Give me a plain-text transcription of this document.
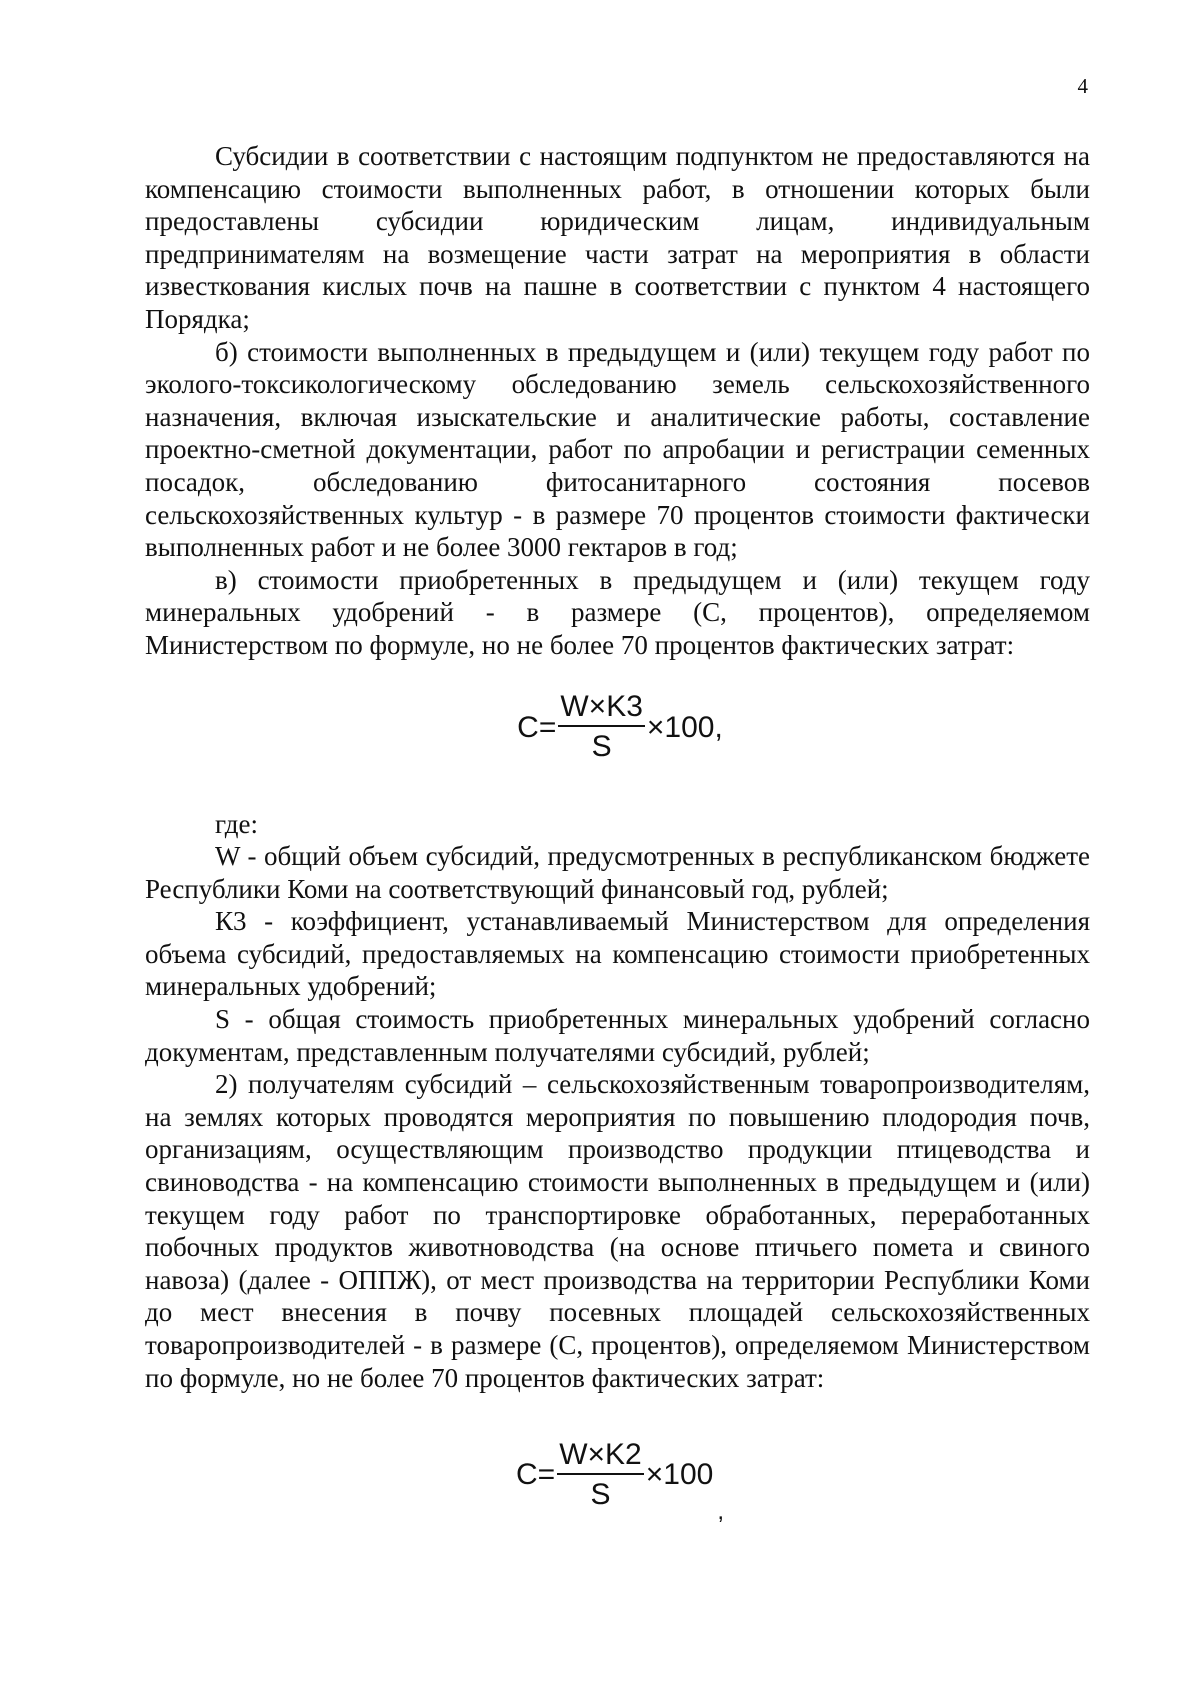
4

Субсидии в соответствии с настоящим подпунктом не предоставляются на компенсацию стоимости выполненных работ, в отношении которых были предоставлены субсидии юридическим лицам, индивидуальным предпринимателям на возмещение части затрат на мероприятия в области известкования кислых почв на пашне в соответствии с пунктом 4 настоящего Порядка;

б) стоимости выполненных в предыдущем и (или) текущем году работ по эколого-токсикологическому обследованию земель сельскохозяйственного назначения, включая изыскательские и аналитические работы, составление проектно-сметной документации, работ по апробации и регистрации семенных посадок, обследованию фитосанитарного состояния посевов сельскохозяйственных культур - в размере 70 процентов стоимости фактически выполненных работ и не более 3000 гектаров в год;

в) стоимости приобретенных в предыдущем и (или) текущем году минеральных удобрений - в размере (С, процентов), определяемом Министерством по формуле, но не более 70 процентов фактических затрат:

$C= \frac{W\times K3}{S} \times 100$,

где:

W - общий объем субсидий, предусмотренных в республиканском бюджете Республики Коми на соответствующий финансовый год, рублей;

К3 - коэффициент, устанавливаемый Министерством для определения объема субсидий, предоставляемых на компенсацию стоимости приобретенных минеральных удобрений;

S - общая стоимость приобретенных минеральных удобрений согласно документам, представленным получателями субсидий, рублей;

2) получателям субсидий – сельскохозяйственным товаропроизводителям, на землях которых проводятся мероприятия по повышению плодородия почв, организациям, осуществляющим производство продукции птицеводства и свиноводства - на компенсацию стоимости выполненных в предыдущем и (или) текущем году работ по транспортировке обработанных, переработанных побочных продуктов животноводства (на основе птичьего помета и свиного навоза) (далее - ОППЖ), от мест производства на территории Республики Коми до мест внесения в почву посевных площадей сельскохозяйственных товаропроизводителей - в размере (С, процентов), определяемом Министерством по формуле, но не более 70 процентов фактических затрат:

$C= \frac{W\times K2}{S} \times 100$
,
